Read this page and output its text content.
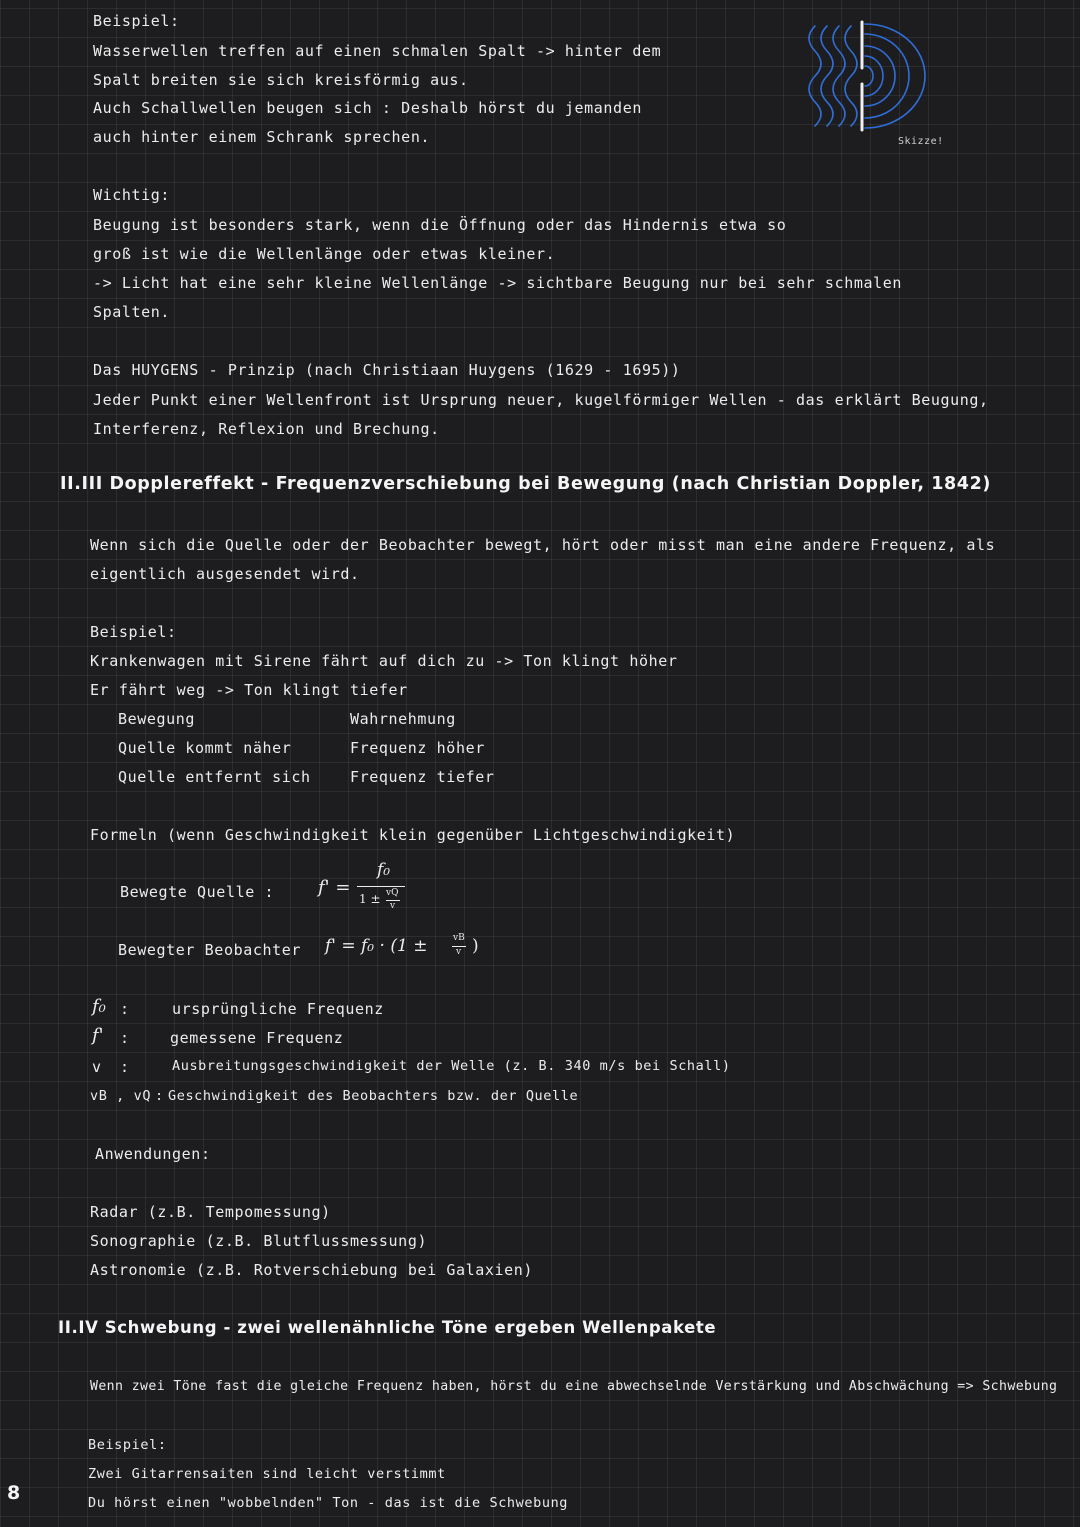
Beispiel:
Wasserwellen treffen auf einen schmalen Spalt -> hinter dem
Spalt breiten sie sich kreisförmig aus.
Auch Schallwellen beugen sich : Deshalb hörst du jemanden
auch hinter einem Schrank sprechen.	Skizze!
Wichtig:
Beugung ist besonders stark, wenn die Öffnung oder das Hindernis etwa so
groß ist wie die Wellenlänge oder etwas kleiner.
-> Licht hat eine sehr kleine Wellenlänge -> sichtbare Beugung nur bei sehr schmalen
Spalten.
Das HUYGENS - Prinzip (nach Christiaan Huygens (1629 - 1695))
Jeder Punkt einer Wellenfront ist Ursprung neuer, kugelförmiger Wellen - das erklärt Beugung,
Interferenz, Reflexion und Brechung.
II.III Dopplereffekt - Frequenzverschiebung bei Bewegung (nach Christian Doppler, 1842)
Wenn sich die Quelle oder der Beobachter bewegt, hört oder misst man eine andere Frequenz, als
eigentlich ausgesendet wird.
Beispiel:
Krankenwagen mit Sirene fährt auf dich zu -> Ton klingt höher
Er fährt weg -> Ton klingt tiefer
Bewegung	Wahrnehmung
Quelle kommt näher	Frequenz höher
Quelle entfernt sich	Frequenz tiefer
Formeln (wenn Geschwindigkeit klein gegenüber Lichtgeschwindigkeit)
Bewegte Quelle : f' =
f₀
1 ± vQ
v
Bewegter Beobachter f' = f₀ · (1 ±	vB
v )
f₀ :	ursprüngliche Frequenz
f' :	gemessene Frequenz
v :	Ausbreitungsgeschwindigkeit der Welle (z. B. 340 m/s bei Schall)
vB , vQ : Geschwindigkeit des Beobachters bzw. der Quelle
Anwendungen:
Radar (z.B. Tempomessung)
Sonographie (z.B. Blutflussmessung)
Astronomie (z.B. Rotverschiebung bei Galaxien)
II.IV Schwebung - zwei wellenähnliche Töne ergeben Wellenpakete
Wenn zwei Töne fast die gleiche Frequenz haben, hörst du eine abwechselnde Verstärkung und Abschwächung => Schwebung
Beispiel:
Zwei Gitarrensaiten sind leicht verstimmt
Du hörst einen "wobbelnden" Ton - das ist die Schwebung
8
